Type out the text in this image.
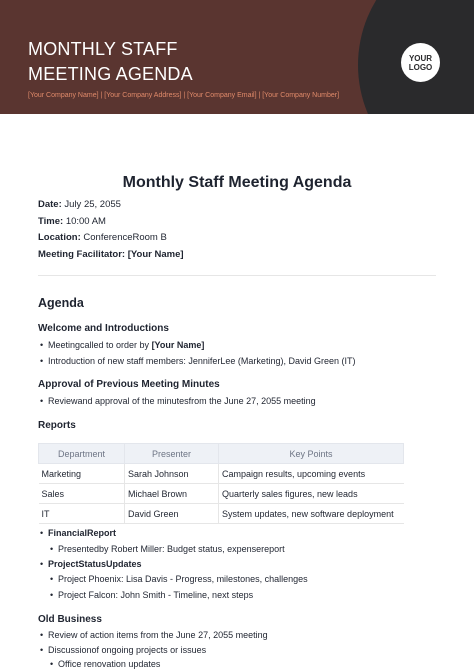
MONTHLY STAFF
MEETING AGENDA
[Your Company Name] | [Your Company Address] | [Your Company Email] | [Your Company Number]
YOUR
LOGO
Monthly Staff Meeting Agenda
Date: July 25, 2055
Time: 10:00 AM
Location: ConferenceRoom B
Meeting Facilitator: [Your Name]
Agenda
Welcome and Introductions
• Meetingcalled to order by [Your Name]
• Introduction of new staff members: JenniferLee (Marketing), David Green (IT)
Approval of Previous Meeting Minutes
• Reviewand approval of the minutesfrom the June 27, 2055 meeting
Reports
Department	Presenter	Key Points
Marketing	Sarah Johnson	Campaign results, upcoming events
Sales	Michael Brown	Quarterly sales figures, new leads
IT	David Green	System updates, new software deployment
• FinancialReport
• Presentedby Robert Miller: Budget status, expensereport
• ProjectStatusUpdates
• Project Phoenix: Lisa Davis - Progress, milestones, challenges
• Project Falcon: John Smith - Timeline, next steps
Old Business
• Review of action items from the June 27, 2055 meeting
• Discussionof ongoing projects or issues
• Office renovation updates
